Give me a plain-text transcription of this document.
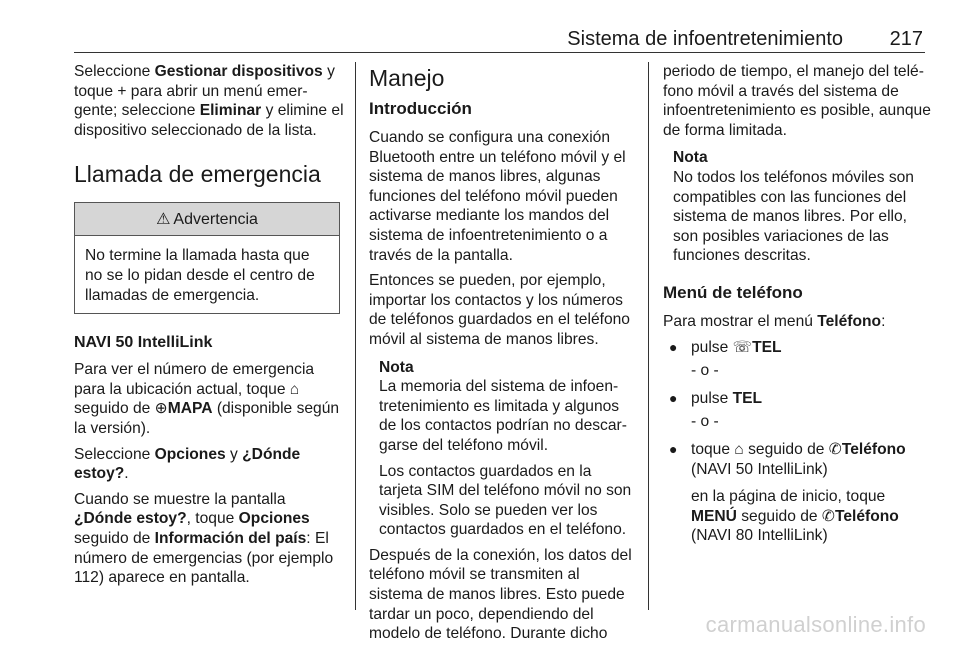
Sistema de infoentretenimiento 217

Seleccione Gestionar dispositivos y toque + para abrir un menú emer-gente; seleccione Eliminar y elimine el dispositivo seleccionado de la lista.

Llamada de emergencia
⚠ Advertencia
No termine la llamada hasta que no se lo pidan desde el centro de llamadas de emergencia.
NAVI 50 IntelliLink

Para ver el número de emergencia para la ubicación actual, toque ⌂ seguido de ⊕MAPA (disponible según la versión).

Seleccione Opciones y ¿Dónde estoy?.

Cuando se muestre la pantalla ¿Dónde estoy?, toque Opciones seguido de Información del país: El número de emergencias (por ejemplo 112) aparece en pantalla.

Manejo
Introducción

Cuando se configura una conexión Bluetooth entre un teléfono móvil y el sistema de manos libres, algunas funciones del teléfono móvil pueden activarse mediante los mandos del sistema de infoentretenimiento o a través de la pantalla.

Entonces se pueden, por ejemplo, importar los contactos y los números de teléfonos guardados en el teléfono móvil al sistema de manos libres.

Nota

La memoria del sistema de infoen-tretenimiento es limitada y algunos de los contactos podrían no descar-garse del teléfono móvil.

Los contactos guardados en la tarjeta SIM del teléfono móvil no son visibles. Solo se pueden ver los contactos guardados en el teléfono.

Después de la conexión, los datos del teléfono móvil se transmiten al sistema de manos libres. Esto puede tardar un poco, dependiendo del modelo de teléfono. Durante dicho

periodo de tiempo, el manejo del telé-fono móvil a través del sistema de infoentretenimiento es posible, aunque de forma limitada.

Nota

No todos los teléfonos móviles son compatibles con las funciones del sistema de manos libres. Por ello, son posibles variaciones de las funciones descritas.

Menú de teléfono

Para mostrar el menú Teléfono:

● pulse ☏TEL
- o -
● pulse TEL
- o -
● toque ⌂ seguido de ✆Teléfono
(NAVI 50 IntelliLink)
en la página de inicio, toque MENÚ seguido de ✆Teléfono
(NAVI 80 IntelliLink)
carmanualsonline.info
